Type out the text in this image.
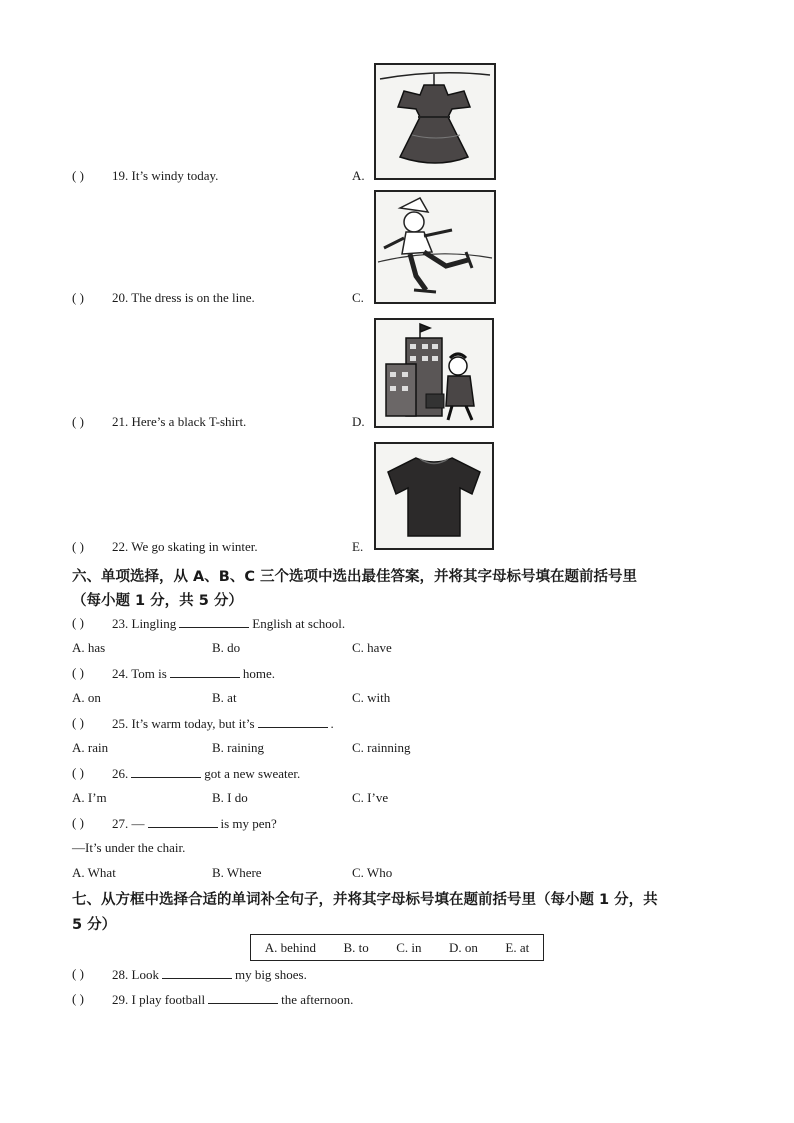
( ) 19. It’s windy today.	A.
( ) 20. The dress is on the line.	C.
( ) 21. Here’s a black T-shirt.	D.
( ) 22. We go skating in winter.	E.
六、单项选择，从 A、B、C 三个选项中选出最佳答案，并将其字母标号填在题前括号里
（每小题 1 分，共 5 分）
( ) 23. Lingling	English at school.
A. has	B. do	C. have
( ) 24. Tom is	home.
A. on	B. at	C. with
( ) 25. It’s warm today, but it’s	.
A. rain	B. raining	C. rainning
( ) 26.	got a new sweater.
A. I’m	B. I do	C. I’ve
( ) 27. —	is my pen?
—It’s under the chair.
A. What	B. Where	C. Who
七、从方框中选择合适的单词补全句子，并将其字母标号填在题前括号里（每小题 1 分，共
5 分）
A. behind B. to C. in D. on E. at
( ) 28. Look	my big shoes.
( ) 29. I play football	the afternoon.
